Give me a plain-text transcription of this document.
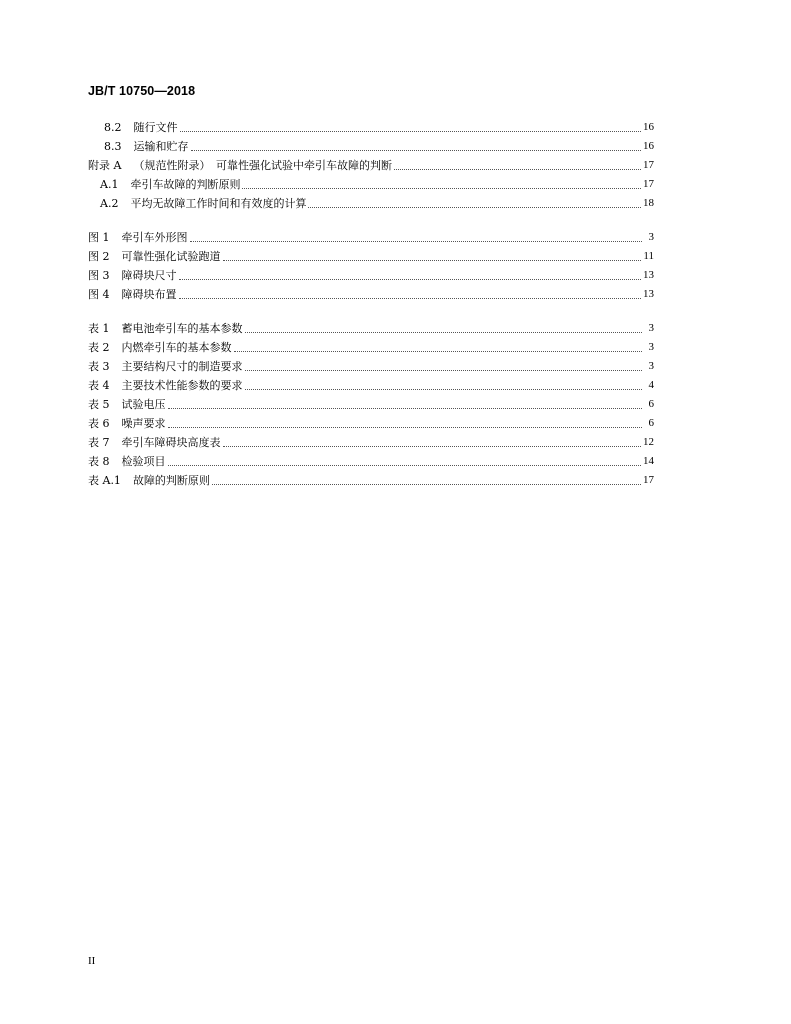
JB/T 10750—2018
8.2 随行文件	16
8.3 运输和贮存	16
附录 A （规范性附录）　可靠性强化试验中牵引车故障的判断	17
A.1 牵引车故障的判断原则	17
A.2 平均无故障工作时间和有效度的计算	18
图 1 牵引车外形图	3
图 2 可靠性强化试验跑道	11
图 3 障碍块尺寸	13
图 4 障碍块布置	13
表 1 蓄电池牵引车的基本参数	3
表 2 内燃牵引车的基本参数	3
表 3 主要结构尺寸的制造要求	3
表 4 主要技术性能参数的要求	4
表 5 试验电压	6
表 6 噪声要求	6
表 7 牵引车障碍块高度表	12
表 8 检验项目	14
表 A.1 故障的判断原则	17
II
